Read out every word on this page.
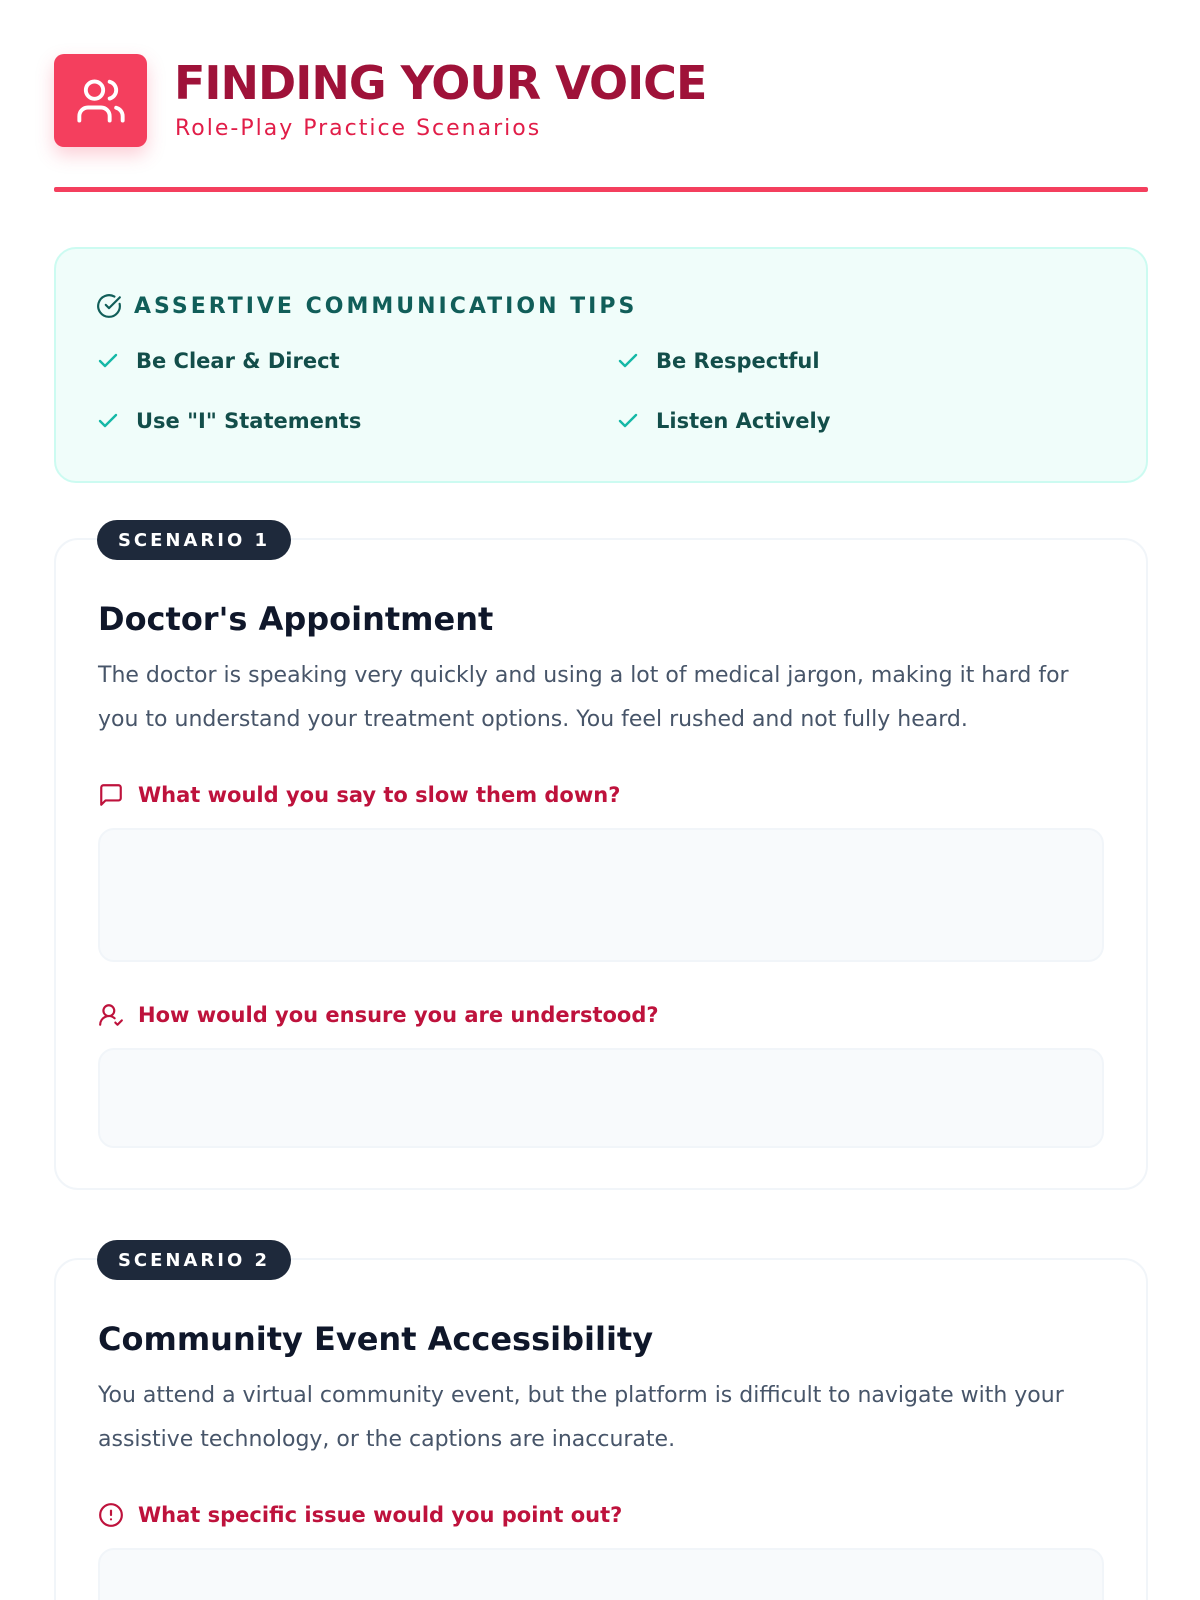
FINDING YOUR VOICE
Role-Play Practice Scenarios
ASSERTIVE COMMUNICATION TIPS
Be Clear & Direct	Be Respectful
Use "I" Statements	Listen Actively
Doctor's Appointment
The doctor is speaking very quickly and using a lot of medical jargon, making it hard for you to understand your treatment options. You feel rushed and not fully heard.
What would you say to slow them down?
How would you ensure you are understood?
SCENARIO 1
Community Event Accessibility
You attend a virtual community event, but the platform is difficult to navigate with your assistive technology, or the captions are inaccurate.
What specific issue would you point out?
SCENARIO 2
